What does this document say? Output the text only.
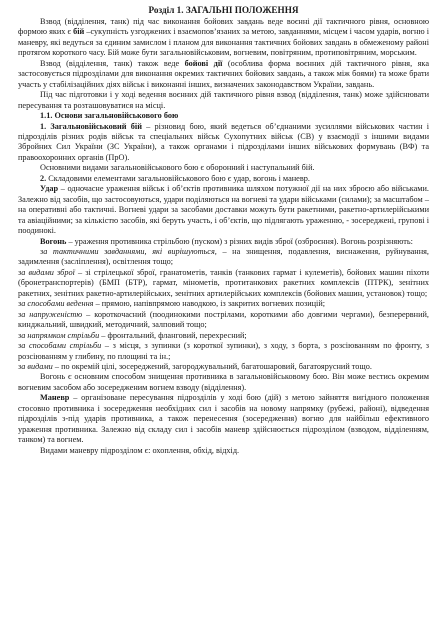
Розділ 1. ЗАГАЛЬНІ ПОЛОЖЕННЯ

Взвод (відділення, танк) під час виконання бойових завдань веде воєнні дії тактичного рівня, основною формою яких є бій –сукупність узгоджених і взаємопов’язаних за метою, завданнями, місцем і часом ударів, вогню і маневру, які ведуться за єдиним замислом і планом для виконання тактичних бойових завдань в обмеженому районі протягом короткого часу. Бій може бути загальновійськовим, вогневим, повітряним, протиповітряним, морським.

Взвод (відділення, танк) також веде бойові дії (особлива форма воєнних дій тактичного рівня, яка застосовується підрозділами для виконання окремих тактичних бойових завдань, а також між боями) та може брати участь у стабілізаційних діях військ і виконанні інших, визначених законодавством України, завдань.

Під час підготовки і у ході ведення воєнних дій тактичного рівня взвод (відділення, танк) може здійснювати пересування та розташовуватися на місці.

1.1. Основи загальновійськового бою

1. Загальновійськовий бій – різновид бою, який ведеться об’єднаними зусиллями військових частин і підрозділів різних родів військ та спеціальних військ Сухопутних військ (СВ) у взаємодії з іншими видами Збройних Сил України (ЗС України), а також органами і підрозділами інших військових формувань (ВФ) та правоохоронних органів (ПрО).

Основними видами загальновійськового бою є оборонний і наступальний бій.

2. Складовими елементами загальновійськового бою є удар, вогонь і маневр.

Удар – одночасне ураження військ і об’єктів противника шляхом потужної дії на них зброєю або військами. Залежно від засобів, що застосовуються, удари поділяються на вогневі та удари військами (силами); за масштабом – на оперативні або тактичні. Вогневі удари за засобами доставки можуть бути ракетними, ракетно-артилерійськими та авіаційними; за кількістю засобів, які беруть участь, і об’єктів, що підлягають ураженню, - зосереджені, групові і поодинокі.

Вогонь – ураження противника стрільбою (пуском) з різних видів зброї (озброєння). Вогонь розрізняють:

за тактичними завданнями, які вирішуються, – на знищення, подавлення, виснаження, руйнування, задимлення (засліплення), освітлення тощо;

за видами зброї – зі стрілецької зброї, гранатометів, танків (танкових гармат і кулеметів), бойових машин піхоти (бронетранспортерів) (БМП (БТР), гармат, мінометів, протитанкових ракетних комплексів (ПТРК), зенітних ракетних, зенітних ракетно-артилерійських, зенітних артилерійських комплексів (бойових машин, установок) тощо;

за способами ведення – прямою, напівпрямою наводкою, із закритих вогневих позицій;

за напруженістю – короткочасний (поодинокими пострілами, короткими або довгими чергами), безперервний, кинджальний, швидкий, методичний, залповий тощо;

за напрямком стрільби – фронтальний, фланговий, перехресний;

за способами стрільби – з місця, з зупинки (з короткої зупинки), з ходу, з борта, з розсіюванням по фронту, з розсіюванням у глибину, по площині та ін.;

за видами – по окремій цілі, зосереджений, загороджувальний, багатошаровий, багатоярусний тощо.

Вогонь є основним способом знищення противника в загальновійськовому бою. Він може вестись окремим вогневим засобом або зосередженим вогнем взводу (відділення).

Маневр – організоване пересування підрозділів у ході бою (дій) з метою зайняття вигідного положення стосовно противника і зосередження необхідних сил і засобів на новому напрямку (рубежі, районі), відведення підрозділів з-під ударів противника, а також перенесення (зосередження) вогню для найбільш ефективного ураження противника. Залежно від складу сил і засобів маневр здійснюється підрозділом (взводом, відділенням, танком) та вогнем.

Видами маневру підрозділом є: охоплення, обхід, відхід.
